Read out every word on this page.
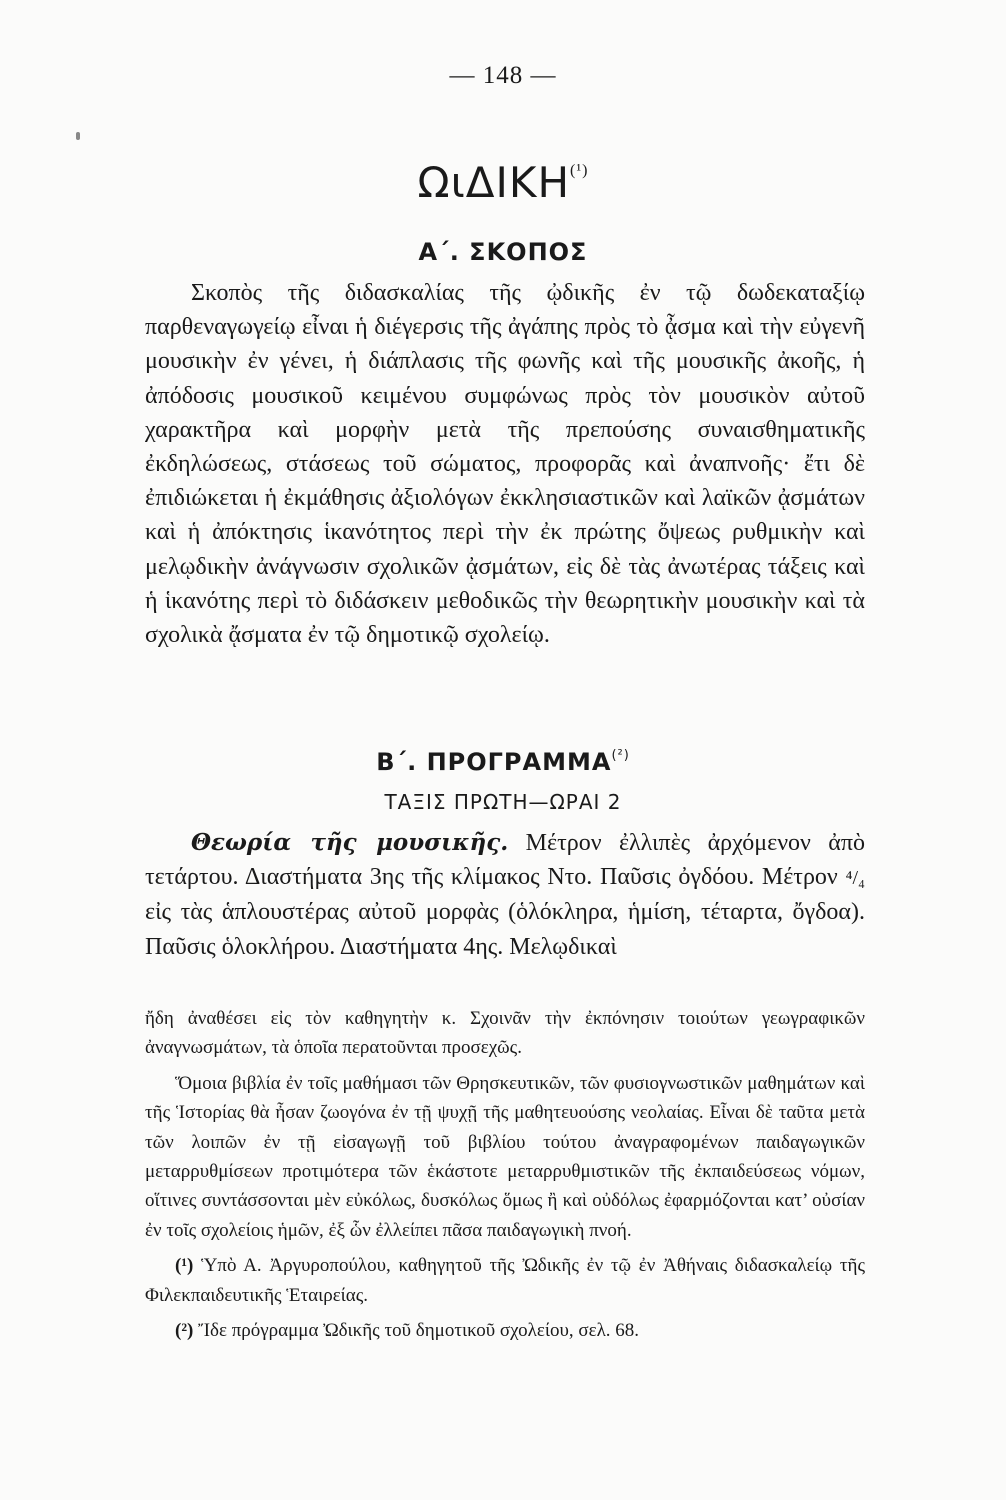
— 148 —
ΩιΔΙΚΗ$^{(^1)}$
Α΄. ΣΚΟΠΟΣ

Σκοπὸς τῆς διδασκαλίας τῆς ᾠδικῆς ἐν τῷ δωδεκαταξίῳ παρθεναγωγείῳ εἶναι ἡ διέγερσις τῆς ἀγάπης πρὸς τὸ ᾆσμα καὶ τὴν εὐγενῆ μουσικὴν ἐν γένει, ἡ διάπλασις τῆς φωνῆς καὶ τῆς μουσικῆς ἀκοῆς, ἡ ἀπόδοσις μουσικοῦ κειμένου συμφώνως πρὸς τὸν μουσικὸν αὐτοῦ χαρακτῆρα καὶ μορφὴν μετὰ τῆς πρεπούσης συναισθηματικῆς ἐκδηλώσεως, στάσεως τοῦ σώματος, προφορᾶς καὶ ἀναπνοῆς· ἔτι δὲ ἐπιδιώκεται ἡ ἐκμάθησις ἀξιολόγων ἐκκλησιαστικῶν καὶ λαϊκῶν ᾀσμάτων καὶ ἡ ἀπόκτησις ἱκανότητος περὶ τὴν ἐκ πρώτης ὄψεως ρυθμικὴν καὶ μελῳδικὴν ἀνάγνωσιν σχολικῶν ᾀσμάτων, εἰς δὲ τὰς ἀνωτέρας τάξεις καὶ ἡ ἱκανότης περὶ τὸ διδάσκειν μεθοδικῶς τὴν θεωρητικὴν μουσικὴν καὶ τὰ σχολικὰ ᾄσματα ἐν τῷ δημοτικῷ σχολείῳ.

Β΄. $\Pi PO\Gamma PAMMA^{(^2)}$
ΤΑΞΙΣ ΠΡΩΤΗ—ΩΡΑΙ 2

Θεωρία τῆς μουσικῆς. Μέτρον ἐλλιπὲς ἀρχόμενον ἀπὸ τετάρτου. Διαστήματα 3ης τῆς κλίμακος Ντο. Παῦσις ὀγδόου. Μέτρον ⁴/₄ εἰς τὰς ἁπλουστέρας αὐτοῦ μορφὰς (ὁλόκληρα, ἡμίση, τέταρτα, ὄγδοα). Παῦσις ὁλοκλήρου. Διαστήματα 4ης. Μελῳδικαὶ

ἤδη ἀναθέσει εἰς τὸν καθηγητὴν κ. Σχοινᾶν τὴν ἐκπόνησιν τοιούτων γεωγραφικῶν ἀναγνωσμάτων, τὰ ὁποῖα περατοῦνται προσεχῶς.

Ὅμοια βιβλία ἐν τοῖς μαθήμασι τῶν Θρησκευτικῶν, τῶν φυσιογνωστικῶν μαθημάτων καὶ τῆς Ἱστορίας θὰ ἦσαν ζωογόνα ἐν τῇ ψυχῇ τῆς μαθητευούσης νεολαίας. Εἶναι δὲ ταῦτα μετὰ τῶν λοιπῶν ἐν τῇ εἰσαγωγῇ τοῦ βιβλίου τούτου ἀναγραφομένων παιδαγωγικῶν μεταρρυθμίσεων προτιμότερα τῶν ἑκάστοτε μεταρρυθμιστικῶν τῆς ἐκπαιδεύσεως νόμων, οἵτινες συντάσσονται μὲν εὐκόλως, δυσκόλως ὅμως ἢ καὶ οὐδόλως ἐφαρμόζονται κατ’ οὐσίαν ἐν τοῖς σχολείοις ἡμῶν, ἐξ ὧν ἐλλείπει πᾶσα παιδαγωγικὴ πνοή.

(¹) Ὑπὸ Α. Ἀργυροπούλου, καθηγητοῦ τῆς Ὠδικῆς ἐν τῷ ἐν Ἀθήναις διδασκαλείῳ τῆς Φιλεκπαιδευτικῆς Ἑταιρείας.

(²) Ἴδε πρόγραμμα Ὠδικῆς τοῦ δημοτικοῦ σχολείου, σελ. 68.
